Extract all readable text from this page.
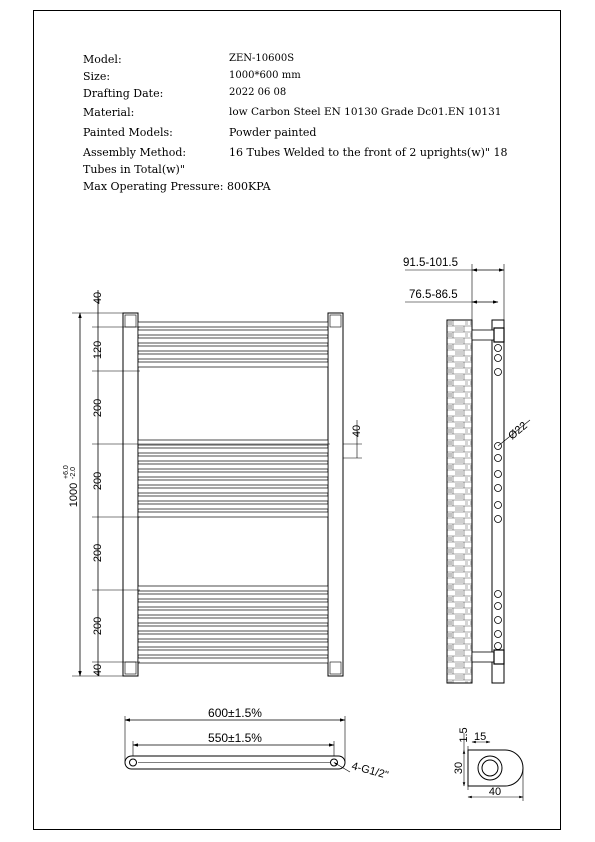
Model:	ZEN-10600S
Size:	1000*600 mm
Drafting Date:	2022 06 08
Material:	low Carbon Steel EN 10130 Grade Dc01.EN 10131
Painted Models:	Powder painted
Assembly Method:	16 Tubes Welded to the front of 2 uprights(w)" 18
Tubes in Total(w)"
Max Operating Pressure: 800KPA
40
120
200
200
200
200
40
1000
+6.0 -2.0
40
91.5-101.5
76.5-86.5
Ø22
600±1.5%
550±1.5%
4-G1/2"	30
1.5 15
40
